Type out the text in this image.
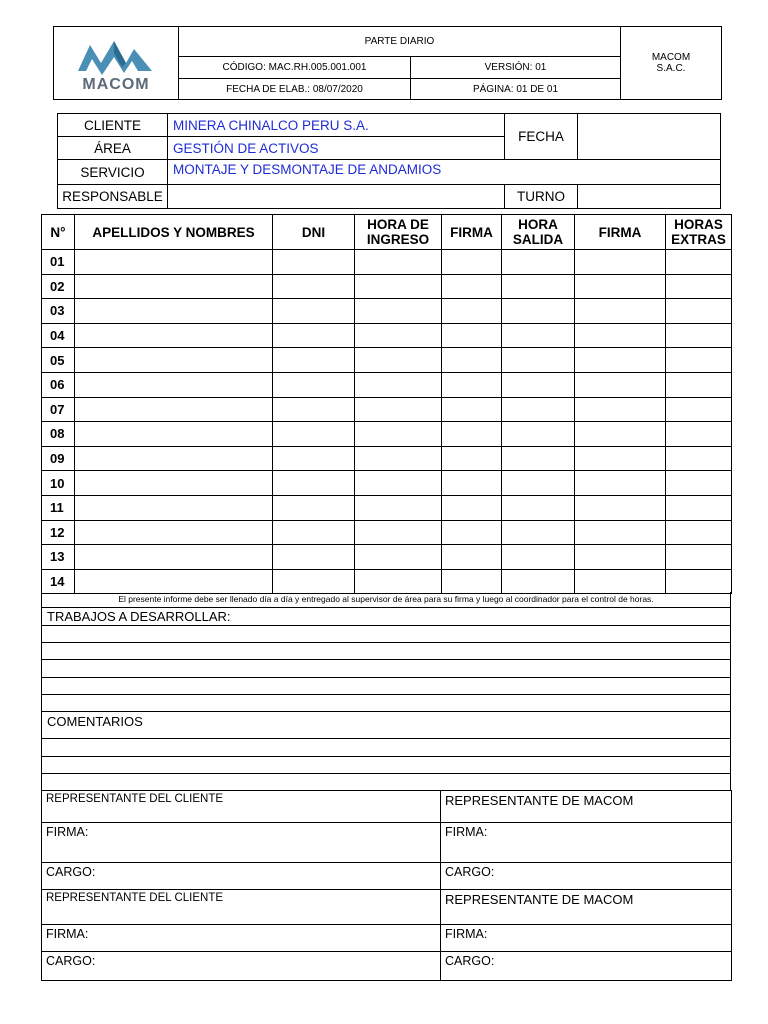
MACOM	PARTE DIARIO		MACOM
S.A.C.

	CÓDIGO: MAC.RH.005.001.001	VERSIÓN: 01	
	FECHA DE ELAB.: 08/07/2020	PÁGINA: 01 DE 01	
CLIENTE	MINERA CHINALCO PERU S.A.	FECHA	
ÁREA	GESTIÓN DE ACTIVOS		
SERVICIO	MONTAJE Y DESMONTAJE DE ANDAMIOS		
RESPONSABLE		TURNO	
N°	APELLIDOS Y NOMBRES	DNI	HORA DE INGRESO	FIRMA	HORA SALIDA	FIRMA	HORAS EXTRAS
01							
02							
03							
04							
05							
06							
07							
08							
09							
10							
11							
12							
13							
14							
El presente informe debe ser llenado día a día y entregado al supervisor de área para su firma y luego al coordinador para el control de horas.
TRABAJOS A DESARROLLAR:
COMENTARIOS
REPRESENTANTE DEL CLIENTE	REPRESENTANTE DE MACOM
FIRMA:	FIRMA:
CARGO:	CARGO:
REPRESENTANTE DEL CLIENTE	REPRESENTANTE DE MACOM
FIRMA:	FIRMA:
CARGO:	CARGO:
